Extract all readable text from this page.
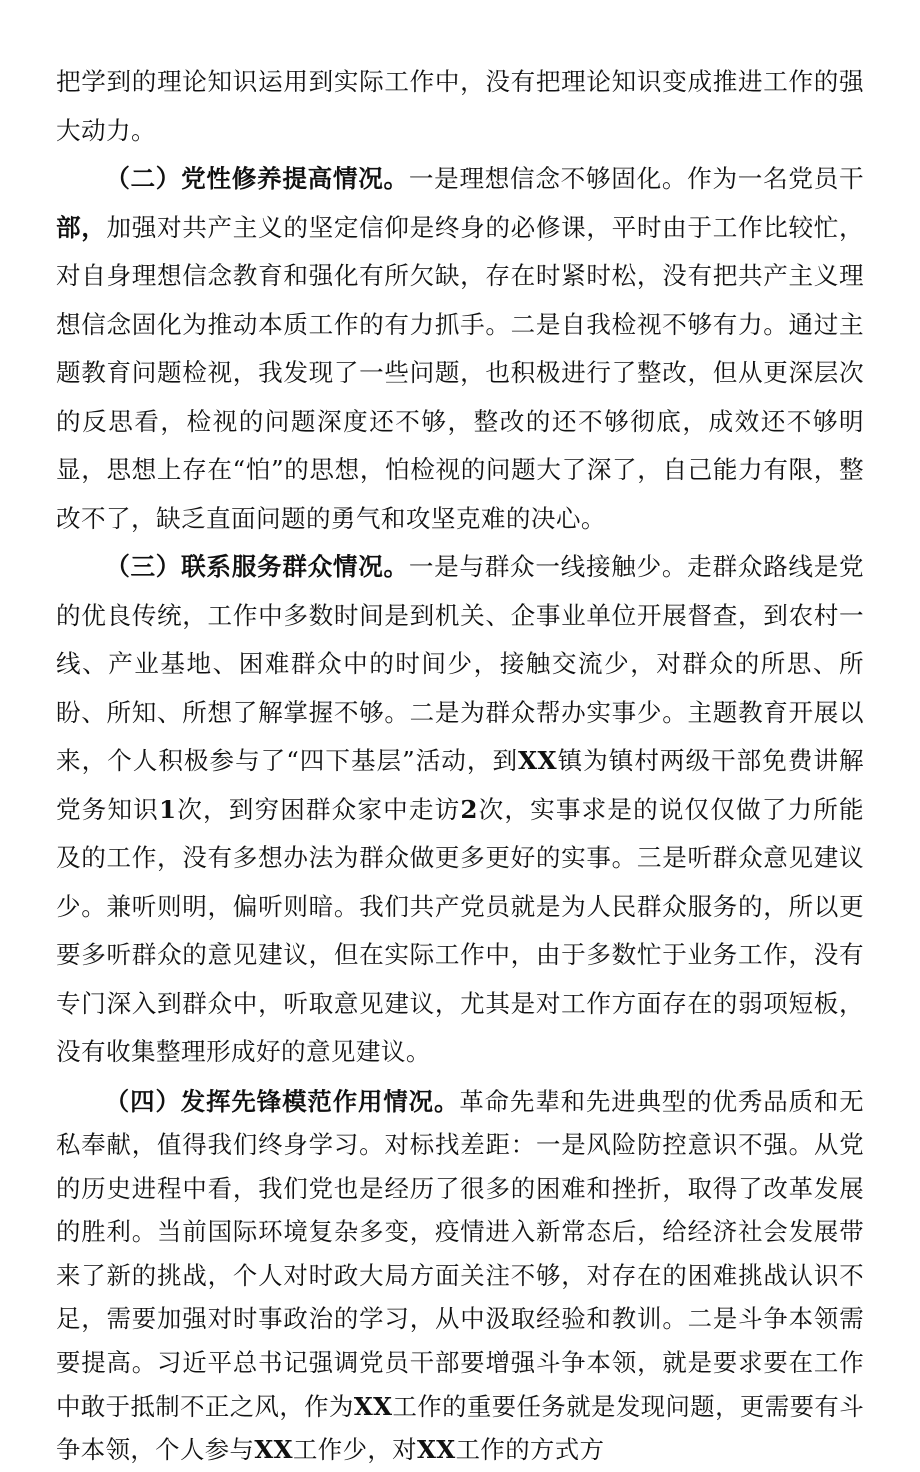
把学到的理论知识运用到实际工作中，没有把理论知识变成推进工作的强大动力。

（二）党性修养提高情况。一是理想信念不够固化。作为一名党员干部，加强对共产主义的坚定信仰是终身的必修课，平时由于工作比较忙，对自身理想信念教育和强化有所欠缺，存在时紧时松，没有把共产主义理想信念固化为推动本质工作的有力抓手。二是自我检视不够有力。通过主题教育问题检视，我发现了一些问题，也积极进行了整改，但从更深层次的反思看，检视的问题深度还不够，整改的还不够彻底，成效还不够明显，思想上存在“怕”的思想，怕检视的问题大了深了，自己能力有限，整改不了，缺乏直面问题的勇气和攻坚克难的决心。

（三）联系服务群众情况。一是与群众一线接触少。走群众路线是党的优良传统，工作中多数时间是到机关、企事业单位开展督查，到农村一线、产业基地、困难群众中的时间少，接触交流少，对群众的所思、所盼、所知、所想了解掌握不够。二是为群众帮办实事少。主题教育开展以来，个人积极参与了“四下基层”活动，到XX镇为镇村两级干部免费讲解党务知识1次，到穷困群众家中走访2次，实事求是的说仅仅做了力所能及的工作，没有多想办法为群众做更多更好的实事。三是听群众意见建议少。兼听则明，偏听则暗。我们共产党员就是为人民群众服务的，所以更要多听群众的意见建议，但在实际工作中，由于多数忙于业务工作，没有专门深入到群众中，听取意见建议，尤其是对工作方面存在的弱项短板，没有收集整理形成好的意见建议。

（四）发挥先锋模范作用情况。革命先辈和先进典型的优秀品质和无私奉献，值得我们终身学习。对标找差距：一是风险防控意识不强。从党的历史进程中看，我们党也是经历了很多的困难和挫折，取得了改革发展的胜利。当前国际环境复杂多变，疫情进入新常态后，给经济社会发展带来了新的挑战，个人对时政大局方面关注不够，对存在的困难挑战认识不足，需要加强对时事政治的学习，从中汲取经验和教训。二是斗争本领需要提高。习近平总书记强调党员干部要增强斗争本领，就是要求要在工作中敢于抵制不正之风，作为XX工作的重要任务就是发现问题，更需要有斗争本领，个人参与XX工作少，对XX工作的方式方
